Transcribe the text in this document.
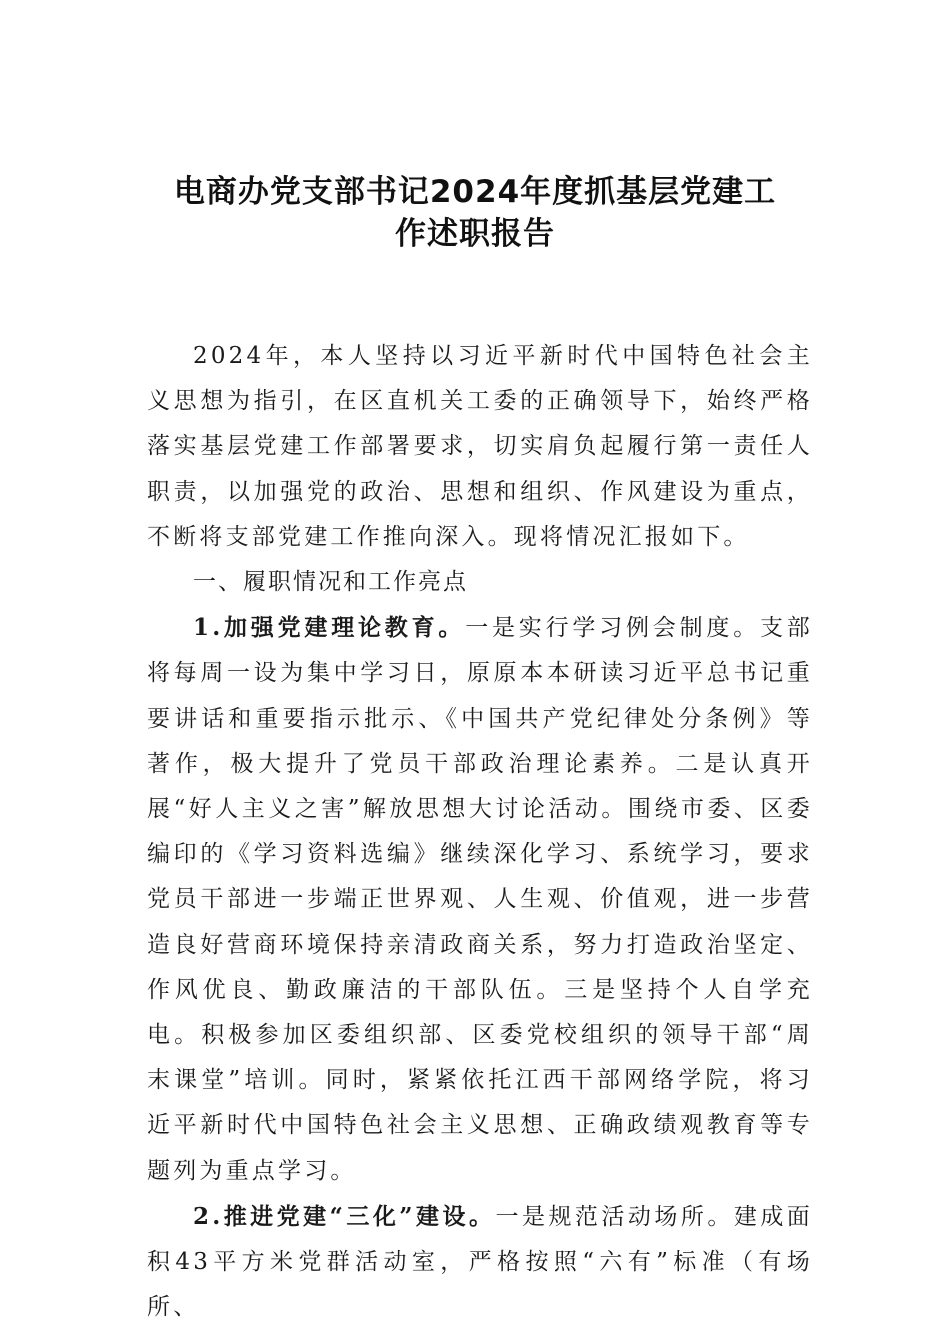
电商办党支部书记2024年度抓基层党建工
作述职报告

2024年，本人坚持以习近平新时代中国特色社会主义思想为指引，在区直机关工委的正确领导下，始终严格落实基层党建工作部署要求，切实肩负起履行第一责任人职责，以加强党的政治、思想和组织、作风建设为重点，不断将支部党建工作推向深入。现将情况汇报如下。

一、履职情况和工作亮点

1.加强党建理论教育。一是实行学习例会制度。支部将每周一设为集中学习日，原原本本研读习近平总书记重要讲话和重要指示批示、《中国共产党纪律处分条例》等著作，极大提升了党员干部政治理论素养。二是认真开展“好人主义之害”解放思想大讨论活动。围绕市委、区委编印的《学习资料选编》继续深化学习、系统学习，要求党员干部进一步端正世界观、人生观、价值观，进一步营造良好营商环境保持亲清政商关系，努力打造政治坚定、作风优良、勤政廉洁的干部队伍。三是坚持个人自学充电。积极参加区委组织部、区委党校组织的领导干部“周末课堂”培训。同时，紧紧依托江西干部网络学院，将习近平新时代中国特色社会主义思想、正确政绩观教育等专题列为重点学习。

2.推进党建“三化”建设。一是规范活动场所。建成面积43平方米党群活动室，严格按照“六有”标准（有场所、
